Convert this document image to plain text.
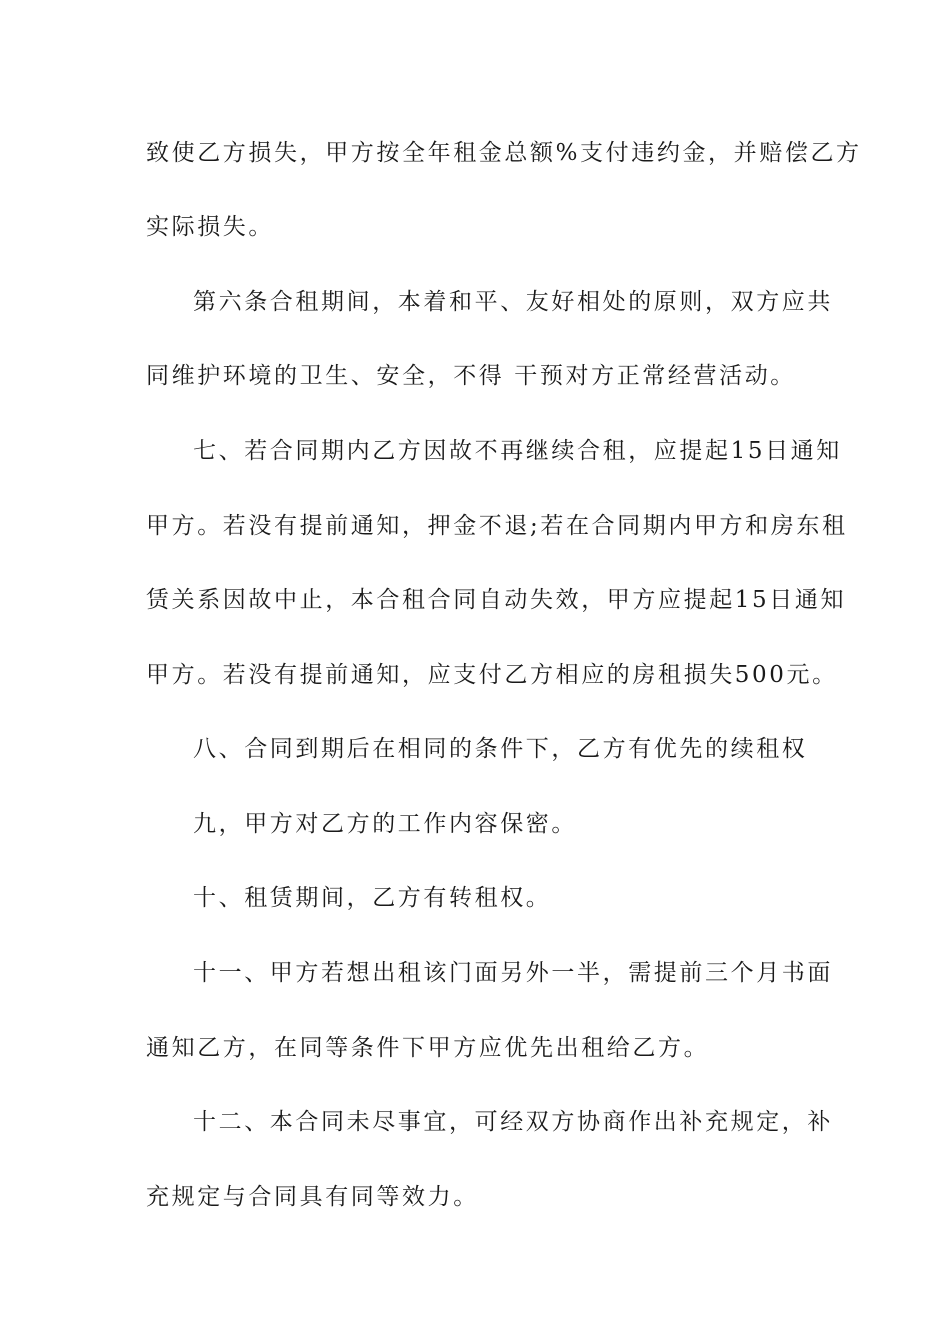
致使乙方损失，甲方按全年租金总额%支付违约金，并赔偿乙方
实际损失。
第六条合租期间，本着和平、友好相处的原则，双方应共
同维护环境的卫生、安全，不得 干预对方正常经营活动。
七、若合同期内乙方因故不再继续合租，应提起15日通知
甲方。若没有提前通知，押金不退;若在合同期内甲方和房东租
赁关系因故中止，本合租合同自动失效，甲方应提起15日通知
甲方。若没有提前通知，应支付乙方相应的房租损失500元。
八、合同到期后在相同的条件下，乙方有优先的续租权
九，甲方对乙方的工作内容保密。
十、租赁期间，乙方有转租权。
十一、甲方若想出租该门面另外一半，需提前三个月书面
通知乙方，在同等条件下甲方应优先出租给乙方。
十二、本合同未尽事宜，可经双方协商作出补充规定，补
充规定与合同具有同等效力。
